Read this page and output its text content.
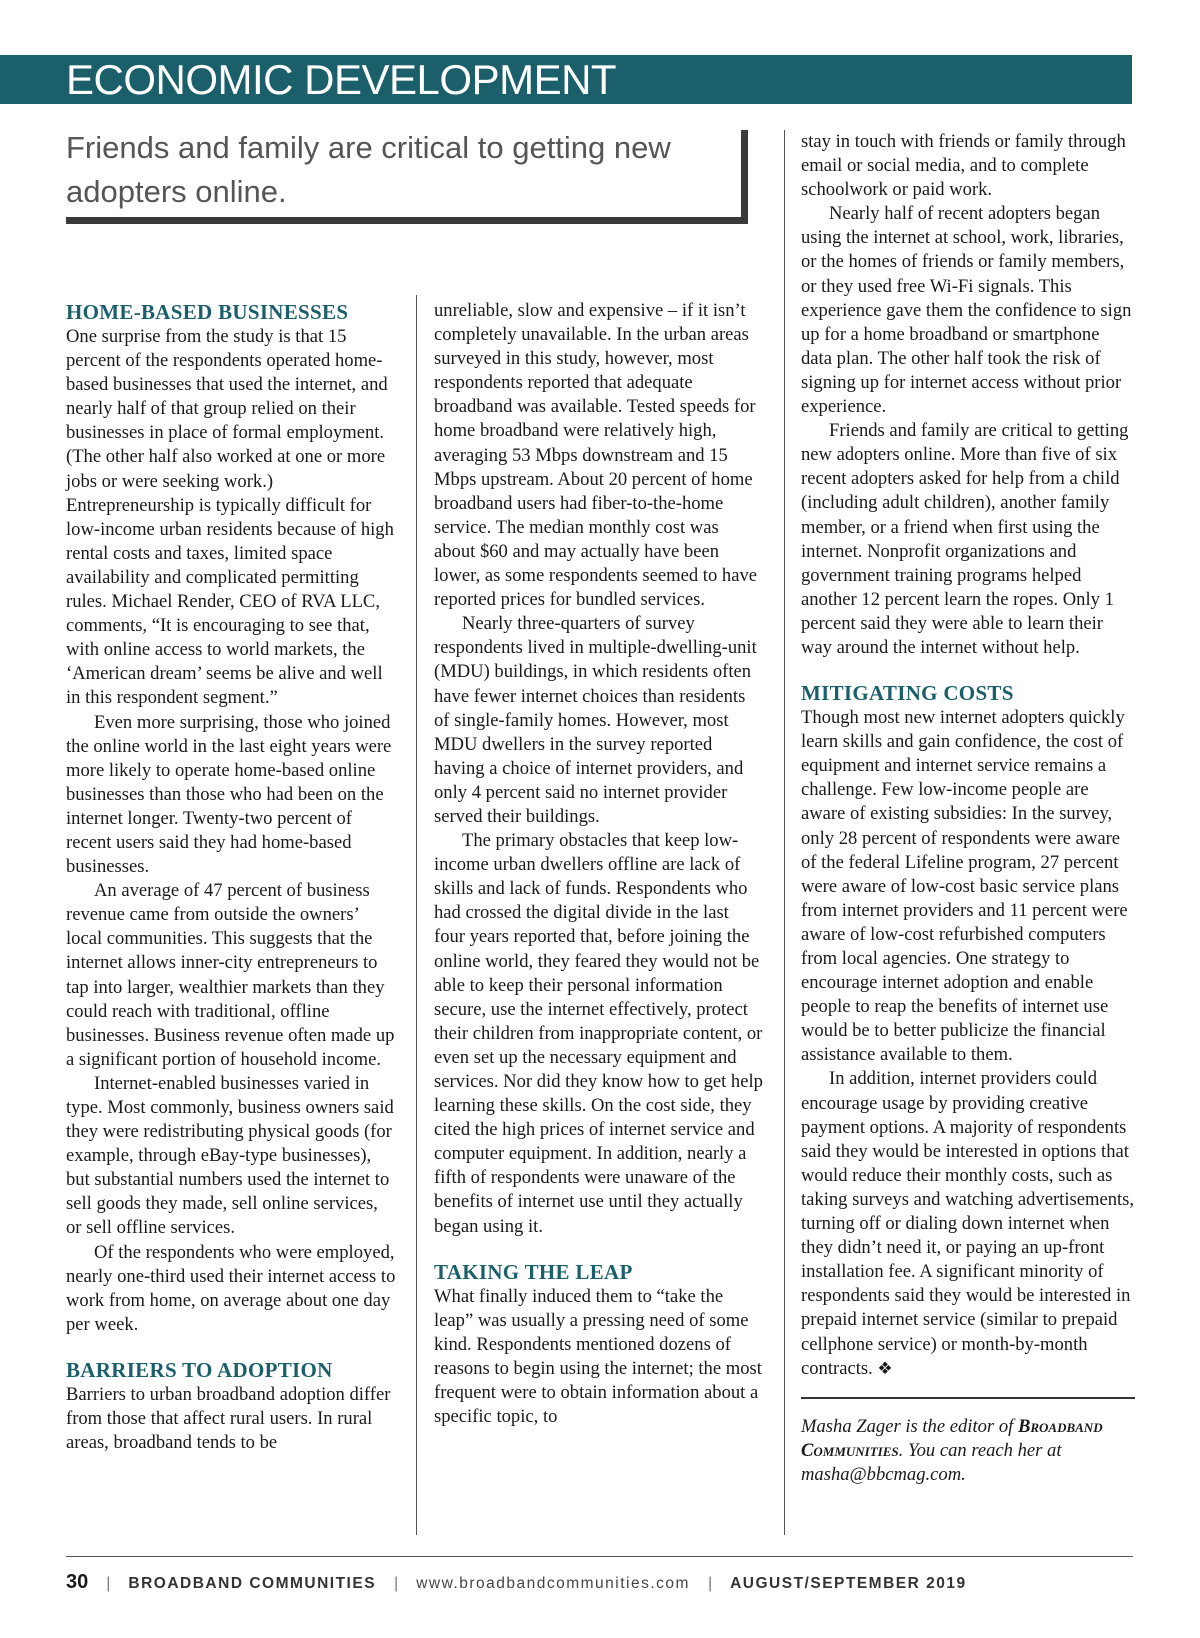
ECONOMIC DEVELOPMENT
Friends and family are critical to getting new adopters online.
HOME-BASED BUSINESSES

One surprise from the study is that 15 percent of the respondents operated home-based businesses that used the internet, and nearly half of that group relied on their businesses in place of formal employment. (The other half also worked at one or more jobs or were seeking work.) Entrepreneurship is typically difficult for low-income urban residents because of high rental costs and taxes, limited space availability and complicated permitting rules. Michael Render, CEO of RVA LLC, comments, “It is encouraging to see that, with online access to world markets, the ‘American dream’ seems be alive and well in this respondent segment.”

Even more surprising, those who joined the online world in the last eight years were more likely to operate home-based online businesses than those who had been on the internet longer. Twenty-two percent of recent users said they had home-based businesses.

An average of 47 percent of business revenue came from outside the owners’ local communities. This suggests that the internet allows inner-city entrepreneurs to tap into larger, wealthier markets than they could reach with traditional, offline businesses. Business revenue often made up a significant portion of household income.

Internet-enabled businesses varied in type. Most commonly, business owners said they were redistributing physical goods (for example, through eBay-type businesses), but substantial numbers used the internet to sell goods they made, sell online services, or sell offline services.

Of the respondents who were employed, nearly one-third used their internet access to work from home, on average about one day per week.

BARRIERS TO ADOPTION

Barriers to urban broadband adoption differ from those that affect rural users. In rural areas, broadband tends to be

unreliable, slow and expensive – if it isn’t completely unavailable. In the urban areas surveyed in this study, however, most respondents reported that adequate broadband was available. Tested speeds for home broadband were relatively high, averaging 53 Mbps downstream and 15 Mbps upstream. About 20 percent of home broadband users had fiber-to-the-home service. The median monthly cost was about $60 and may actually have been lower, as some respondents seemed to have reported prices for bundled services.

Nearly three-quarters of survey respondents lived in multiple-dwelling-unit (MDU) buildings, in which residents often have fewer internet choices than residents of single-family homes. However, most MDU dwellers in the survey reported having a choice of internet providers, and only 4 percent said no internet provider served their buildings.

The primary obstacles that keep low-income urban dwellers offline are lack of skills and lack of funds. Respondents who had crossed the digital divide in the last four years reported that, before joining the online world, they feared they would not be able to keep their personal information secure, use the internet effectively, protect their children from inappropriate content, or even set up the necessary equipment and services. Nor did they know how to get help learning these skills. On the cost side, they cited the high prices of internet service and computer equipment. In addition, nearly a fifth of respondents were unaware of the benefits of internet use until they actually began using it.

TAKING THE LEAP

What finally induced them to “take the leap” was usually a pressing need of some kind. Respondents mentioned dozens of reasons to begin using the internet; the most frequent were to obtain information about a specific topic, to

stay in touch with friends or family through email or social media, and to complete schoolwork or paid work.

Nearly half of recent adopters began using the internet at school, work, libraries, or the homes of friends or family members, or they used free Wi-Fi signals. This experience gave them the confidence to sign up for a home broadband or smartphone data plan. The other half took the risk of signing up for internet access without prior experience.

Friends and family are critical to getting new adopters online. More than five of six recent adopters asked for help from a child (including adult children), another family member, or a friend when first using the internet. Nonprofit organizations and government training programs helped another 12 percent learn the ropes. Only 1 percent said they were able to learn their way around the internet without help.

MITIGATING COSTS

Though most new internet adopters quickly learn skills and gain confidence, the cost of equipment and internet service remains a challenge. Few low-income people are aware of existing subsidies: In the survey, only 28 percent of respondents were aware of the federal Lifeline program, 27 percent were aware of low-cost basic service plans from internet providers and 11 percent were aware of low-cost refurbished computers from local agencies. One strategy to encourage internet adoption and enable people to reap the benefits of internet use would be to better publicize the financial assistance available to them.

In addition, internet providers could encourage usage by providing creative payment options. A majority of respondents said they would be interested in options that would reduce their monthly costs, such as taking surveys and watching advertisements, turning off or dialing down internet when they didn’t need it, or paying an up-front installation fee. A significant minority of respondents said they would be interested in prepaid internet service (similar to prepaid cellphone service) or month-by-month contracts. ❖

Masha Zager is the editor of Broadband Communities. You can reach her at masha@bbcmag.com.

30 | BROADBAND COMMUNITIES | www.broadbandcommunities.com | AUGUST/SEPTEMBER 2019
